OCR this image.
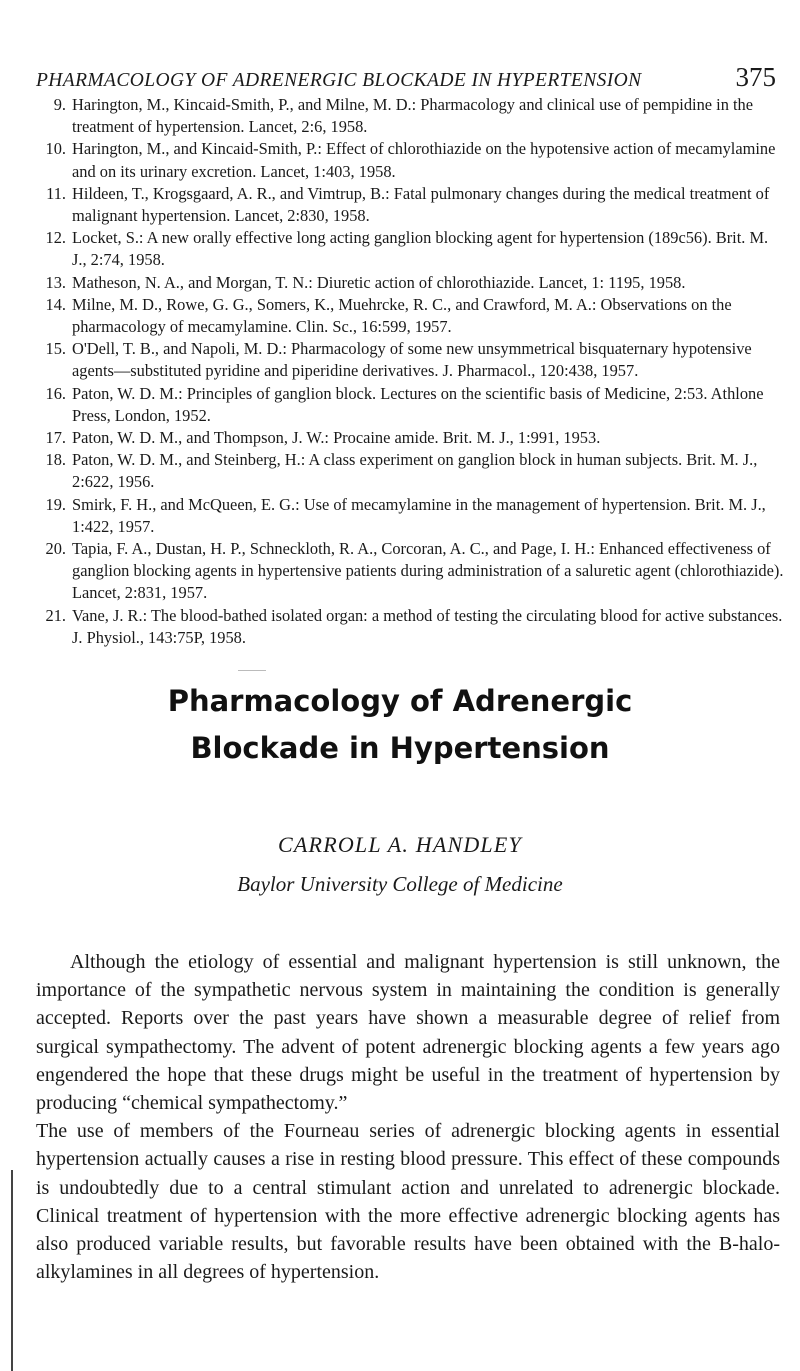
PHARMACOLOGY OF ADRENERGIC BLOCKADE IN HYPERTENSION	375

9. Harington, M., Kincaid-Smith, P., and Milne, M. D.: Pharmacology and clinical use of pempidine in the treatment of hypertension. Lancet, 2:6, 1958.

10. Harington, M., and Kincaid-Smith, P.: Effect of chlorothiazide on the hypotensive action of mecamylamine and on its urinary excretion. Lancet, 1:403, 1958.

11. Hildeen, T., Krogsgaard, A. R., and Vimtrup, B.: Fatal pulmonary changes during the medical treatment of malignant hypertension. Lancet, 2:830, 1958.

12. Locket, S.: A new orally effective long acting ganglion blocking agent for hypertension (189c56). Brit. M. J., 2:74, 1958.

13. Matheson, N. A., and Morgan, T. N.: Diuretic action of chlorothiazide. Lancet, 1: 1195, 1958.

14. Milne, M. D., Rowe, G. G., Somers, K., Muehrcke, R. C., and Crawford, M. A.: Observations on the pharmacology of mecamylamine. Clin. Sc., 16:599, 1957.

15. O'Dell, T. B., and Napoli, M. D.: Pharmacology of some new unsymmetrical bisquaternary hypotensive agents—substituted pyridine and piperidine derivatives. J. Pharmacol., 120:438, 1957.

16. Paton, W. D. M.: Principles of ganglion block. Lectures on the scientific basis of Medicine, 2:53. Athlone Press, London, 1952.

17. Paton, W. D. M., and Thompson, J. W.: Procaine amide. Brit. M. J., 1:991, 1953.

18. Paton, W. D. M., and Steinberg, H.: A class experiment on ganglion block in human subjects. Brit. M. J., 2:622, 1956.

19. Smirk, F. H., and McQueen, E. G.: Use of mecamylamine in the management of hypertension. Brit. M. J., 1:422, 1957.

20. Tapia, F. A., Dustan, H. P., Schneckloth, R. A., Corcoran, A. C., and Page, I. H.: Enhanced effectiveness of ganglion blocking agents in hypertensive patients during administration of a saluretic agent (chlorothiazide). Lancet, 2:831, 1957.

21. Vane, J. R.: The blood-bathed isolated organ: a method of testing the circulating blood for active substances. J. Physiol., 143:75P, 1958.

Pharmacology of Adrenergic
Blockade in Hypertension
CARROLL A. HANDLEY
Baylor University College of Medicine

Although the etiology of essential and malignant hypertension is still unknown, the importance of the sympathetic nervous system in maintaining the condition is generally accepted. Reports over the past years have shown a measurable degree of relief from surgical sympathectomy. The advent of potent adrenergic blocking agents a few years ago engendered the hope that these drugs might be useful in the treatment of hypertension by producing “chemical sympathectomy.”

The use of members of the Fourneau series of adrenergic blocking agents in essential hypertension actually causes a rise in resting blood pressure. This effect of these compounds is undoubtedly due to a central stimulant action and unrelated to adrenergic blockade. Clinical treatment of hypertension with the more effective adrenergic blocking agents has also produced variable results, but favorable results have been obtained with the B-halo-alkylamines in all degrees of hypertension.
